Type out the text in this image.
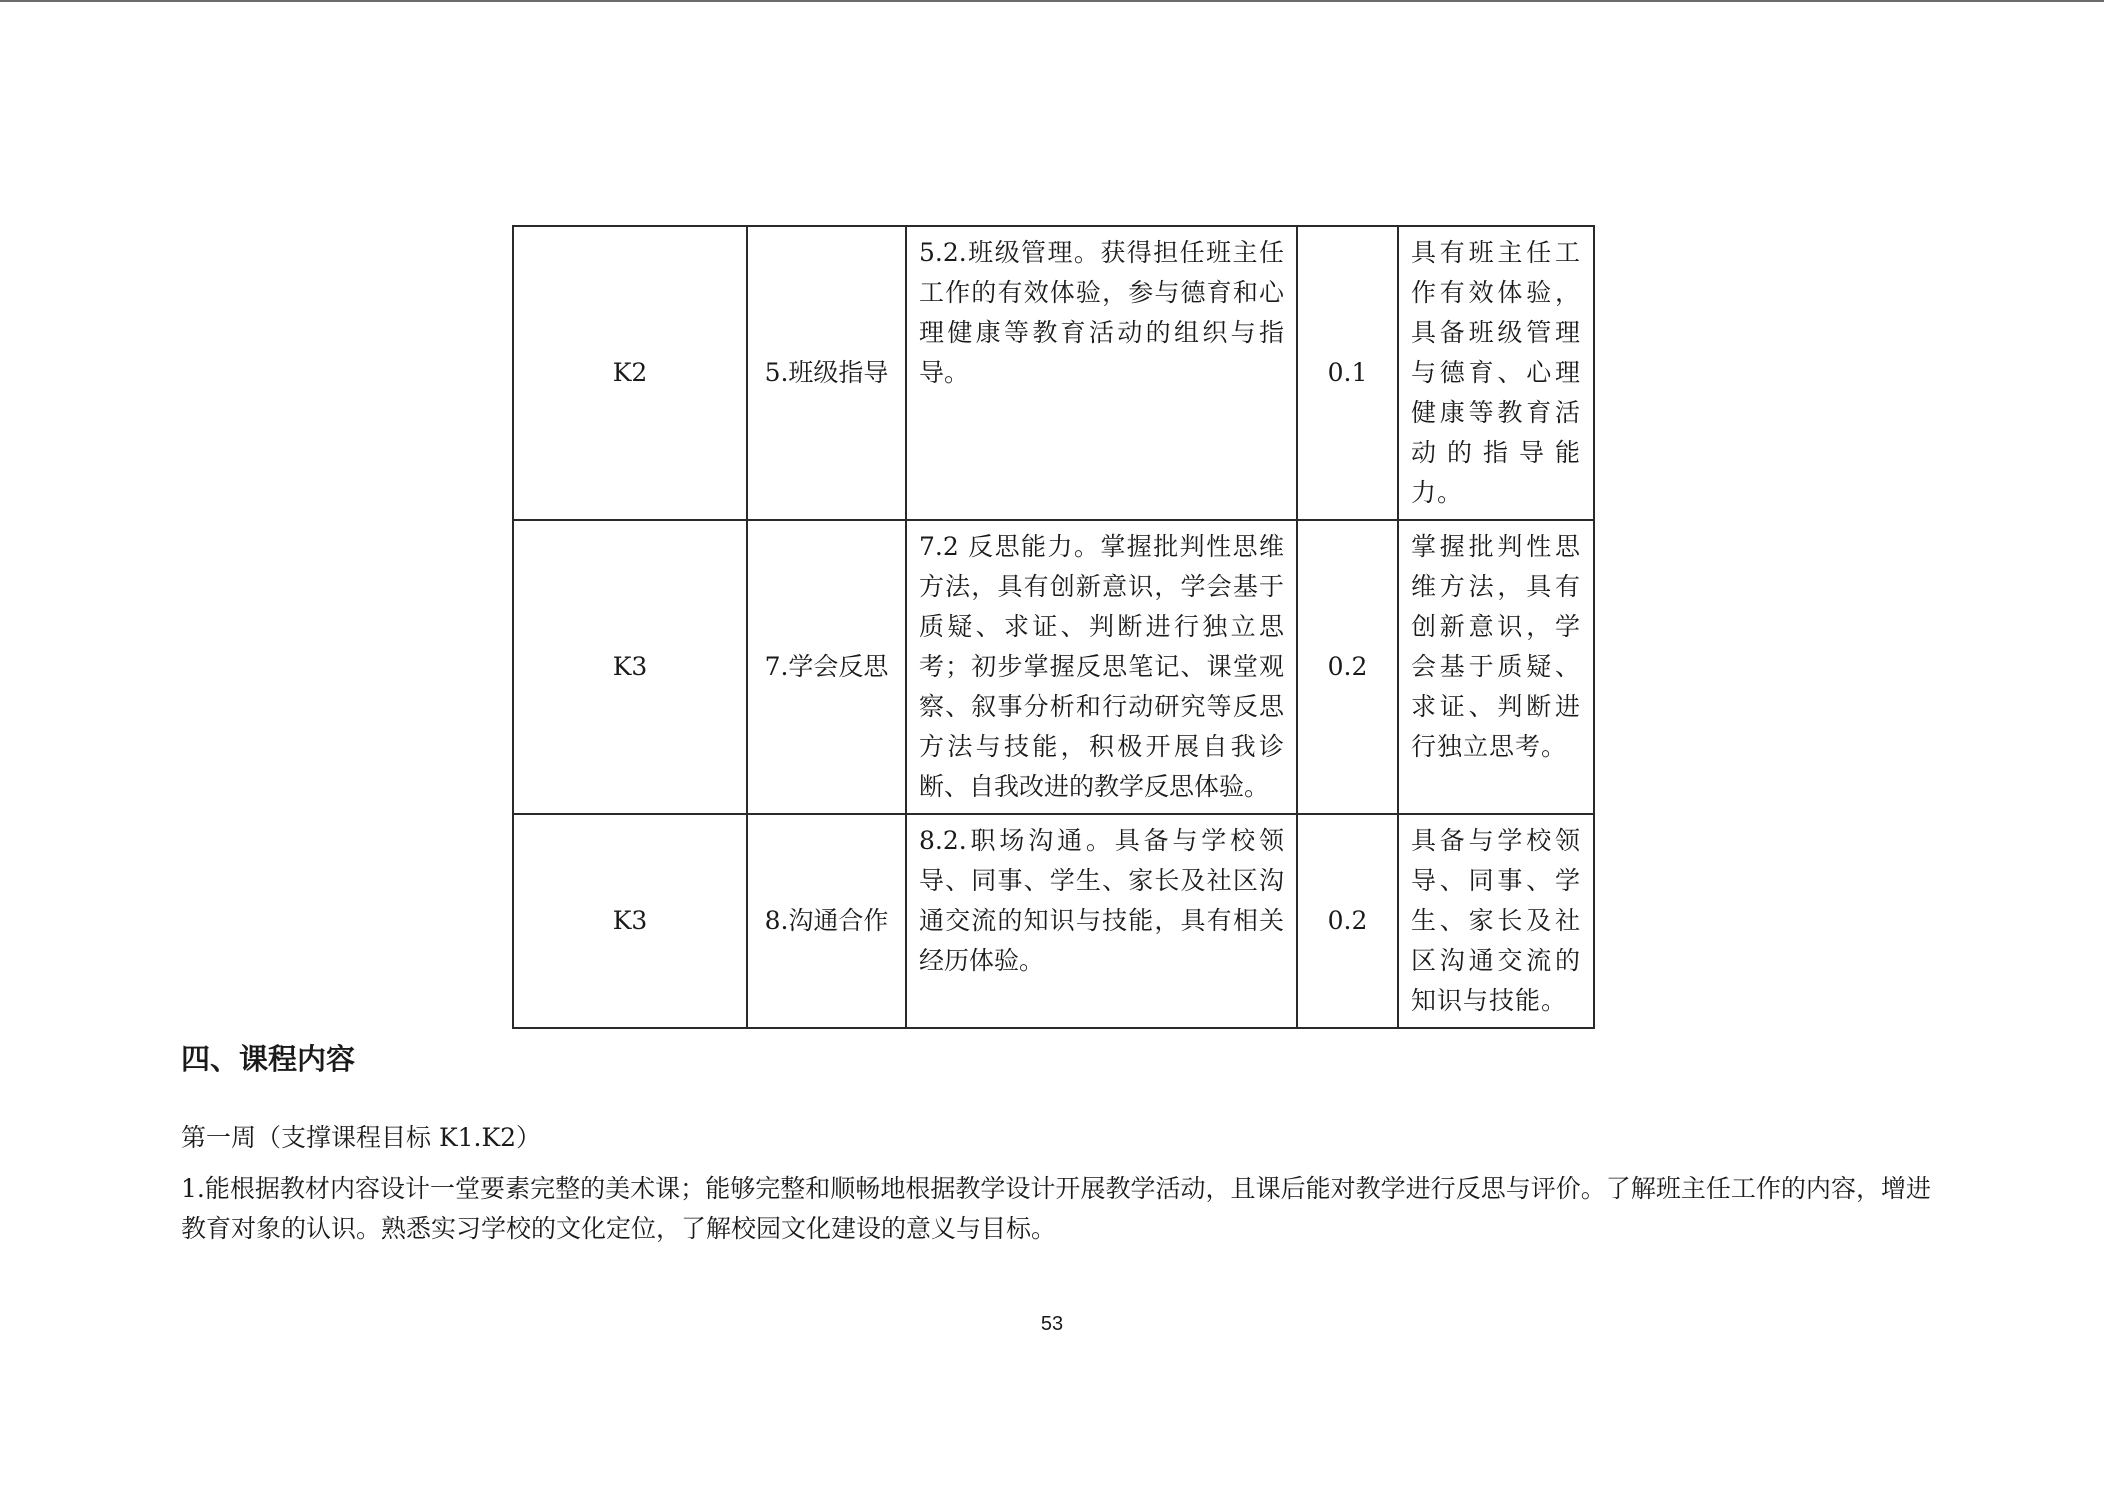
K2	5.班级指导	5.2.班级管理。获得担任班主任工作的有效体验，参与德育和心理健康等教育活动的组织与指导。	0.1	具有班主任工作有效体验，具备班级管理与德育、心理健康等教育活动的指导能力。
K3	7.学会反思	7.2 反思能力。掌握批判性思维方法，具有创新意识，学会基于质疑、求证、判断进行独立思考；初步掌握反思笔记、课堂观察、叙事分析和行动研究等反思方法与技能，积极开展自我诊断、自我改进的教学反思体验。	0.2	掌握批判性思维方法，具有创新意识，学会基于质疑、求证、判断进行独立思考。
K3	8.沟通合作	8.2.职场沟通。具备与学校领导、同事、学生、家长及社区沟通交流的知识与技能，具有相关经历体验。	0.2	具备与学校领导、同事、学生、家长及社区沟通交流的知识与技能。
四、课程内容

第一周（支撑课程目标 K1.K2）

1.能根据教材内容设计一堂要素完整的美术课；能够完整和顺畅地根据教学设计开展教学活动，且课后能对教学进行反思与评价。了解班主任工作的内容，增进教育对象的认识。熟悉实习学校的文化定位，了解校园文化建设的意义与目标。

53
